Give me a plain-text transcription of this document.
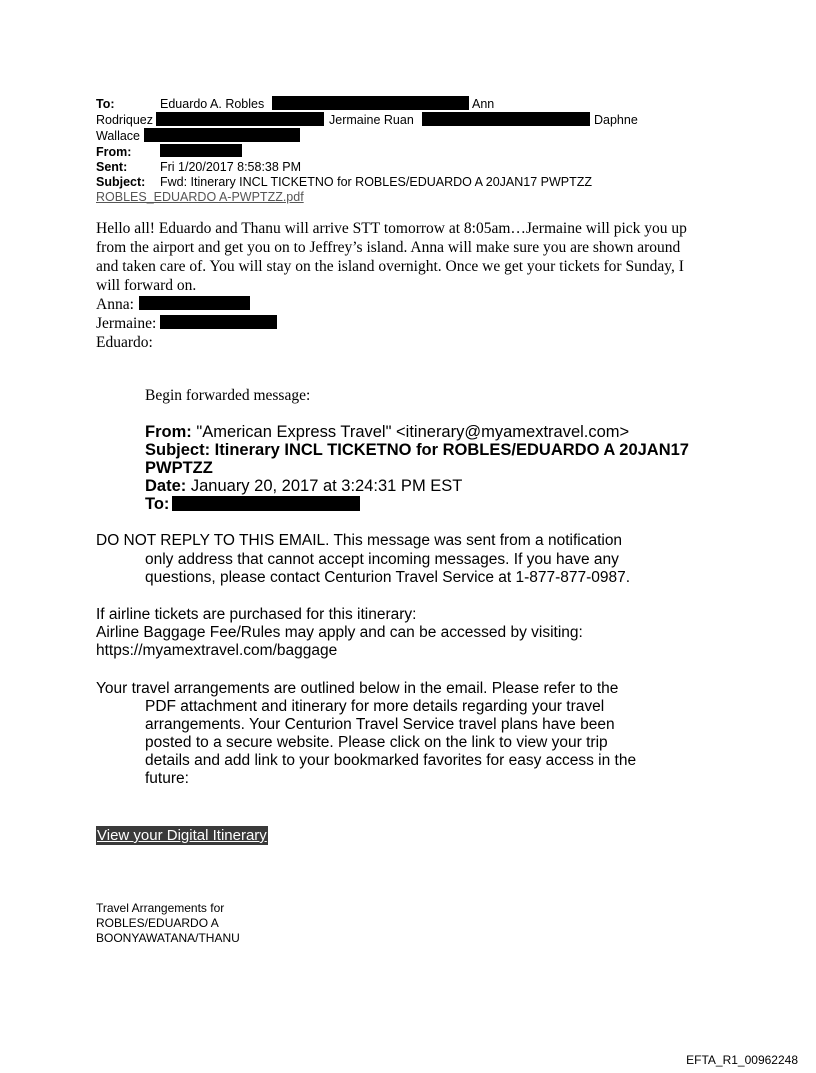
To:	Eduardo A. Robles	Ann
Rodriquez	Jermaine Ruan	Daphne
Wallace
From:
Sent:	Fri 1/20/2017 8:58:38 PM
Subject: Fwd: Itinerary INCL TICKETNO for ROBLES/EDUARDO A 20JAN17 PWPTZZ
ROBLES_EDUARDO A-PWPTZZ.pdf
Hello all! Eduardo and Thanu will arrive STT tomorrow at 8:05am…Jermaine will pick you up
from the airport and get you on to Jeffrey’s island. Anna will make sure you are shown around
and taken care of. You will stay on the island overnight. Once we get your tickets for Sunday, I
will forward on.
Anna:
Jermaine:
Eduardo:
Begin forwarded message:
From: "American Express Travel" <itinerary@myamextravel.com>
Subject: Itinerary INCL TICKETNO for ROBLES/EDUARDO A 20JAN17
PWPTZZ
Date: January 20, 2017 at 3:24:31 PM EST
To:
DO NOT REPLY TO THIS EMAIL. This message was sent from a notification
only address that cannot accept incoming messages. If you have any
questions, please contact Centurion Travel Service at 1-877-877-0987.
If airline tickets are purchased for this itinerary:
Airline Baggage Fee/Rules may apply and can be accessed by visiting:
https://myamextravel.com/baggage
Your travel arrangements are outlined below in the email. Please refer to the
PDF attachment and itinerary for more details regarding your travel
arrangements. Your Centurion Travel Service travel plans have been
posted to a secure website. Please click on the link to view your trip
details and add link to your bookmarked favorites for easy access in the
future:
View your Digital Itinerary
Travel Arrangements for
ROBLES/EDUARDO A
BOONYAWATANA/THANU
EFTA_R1_00962248
